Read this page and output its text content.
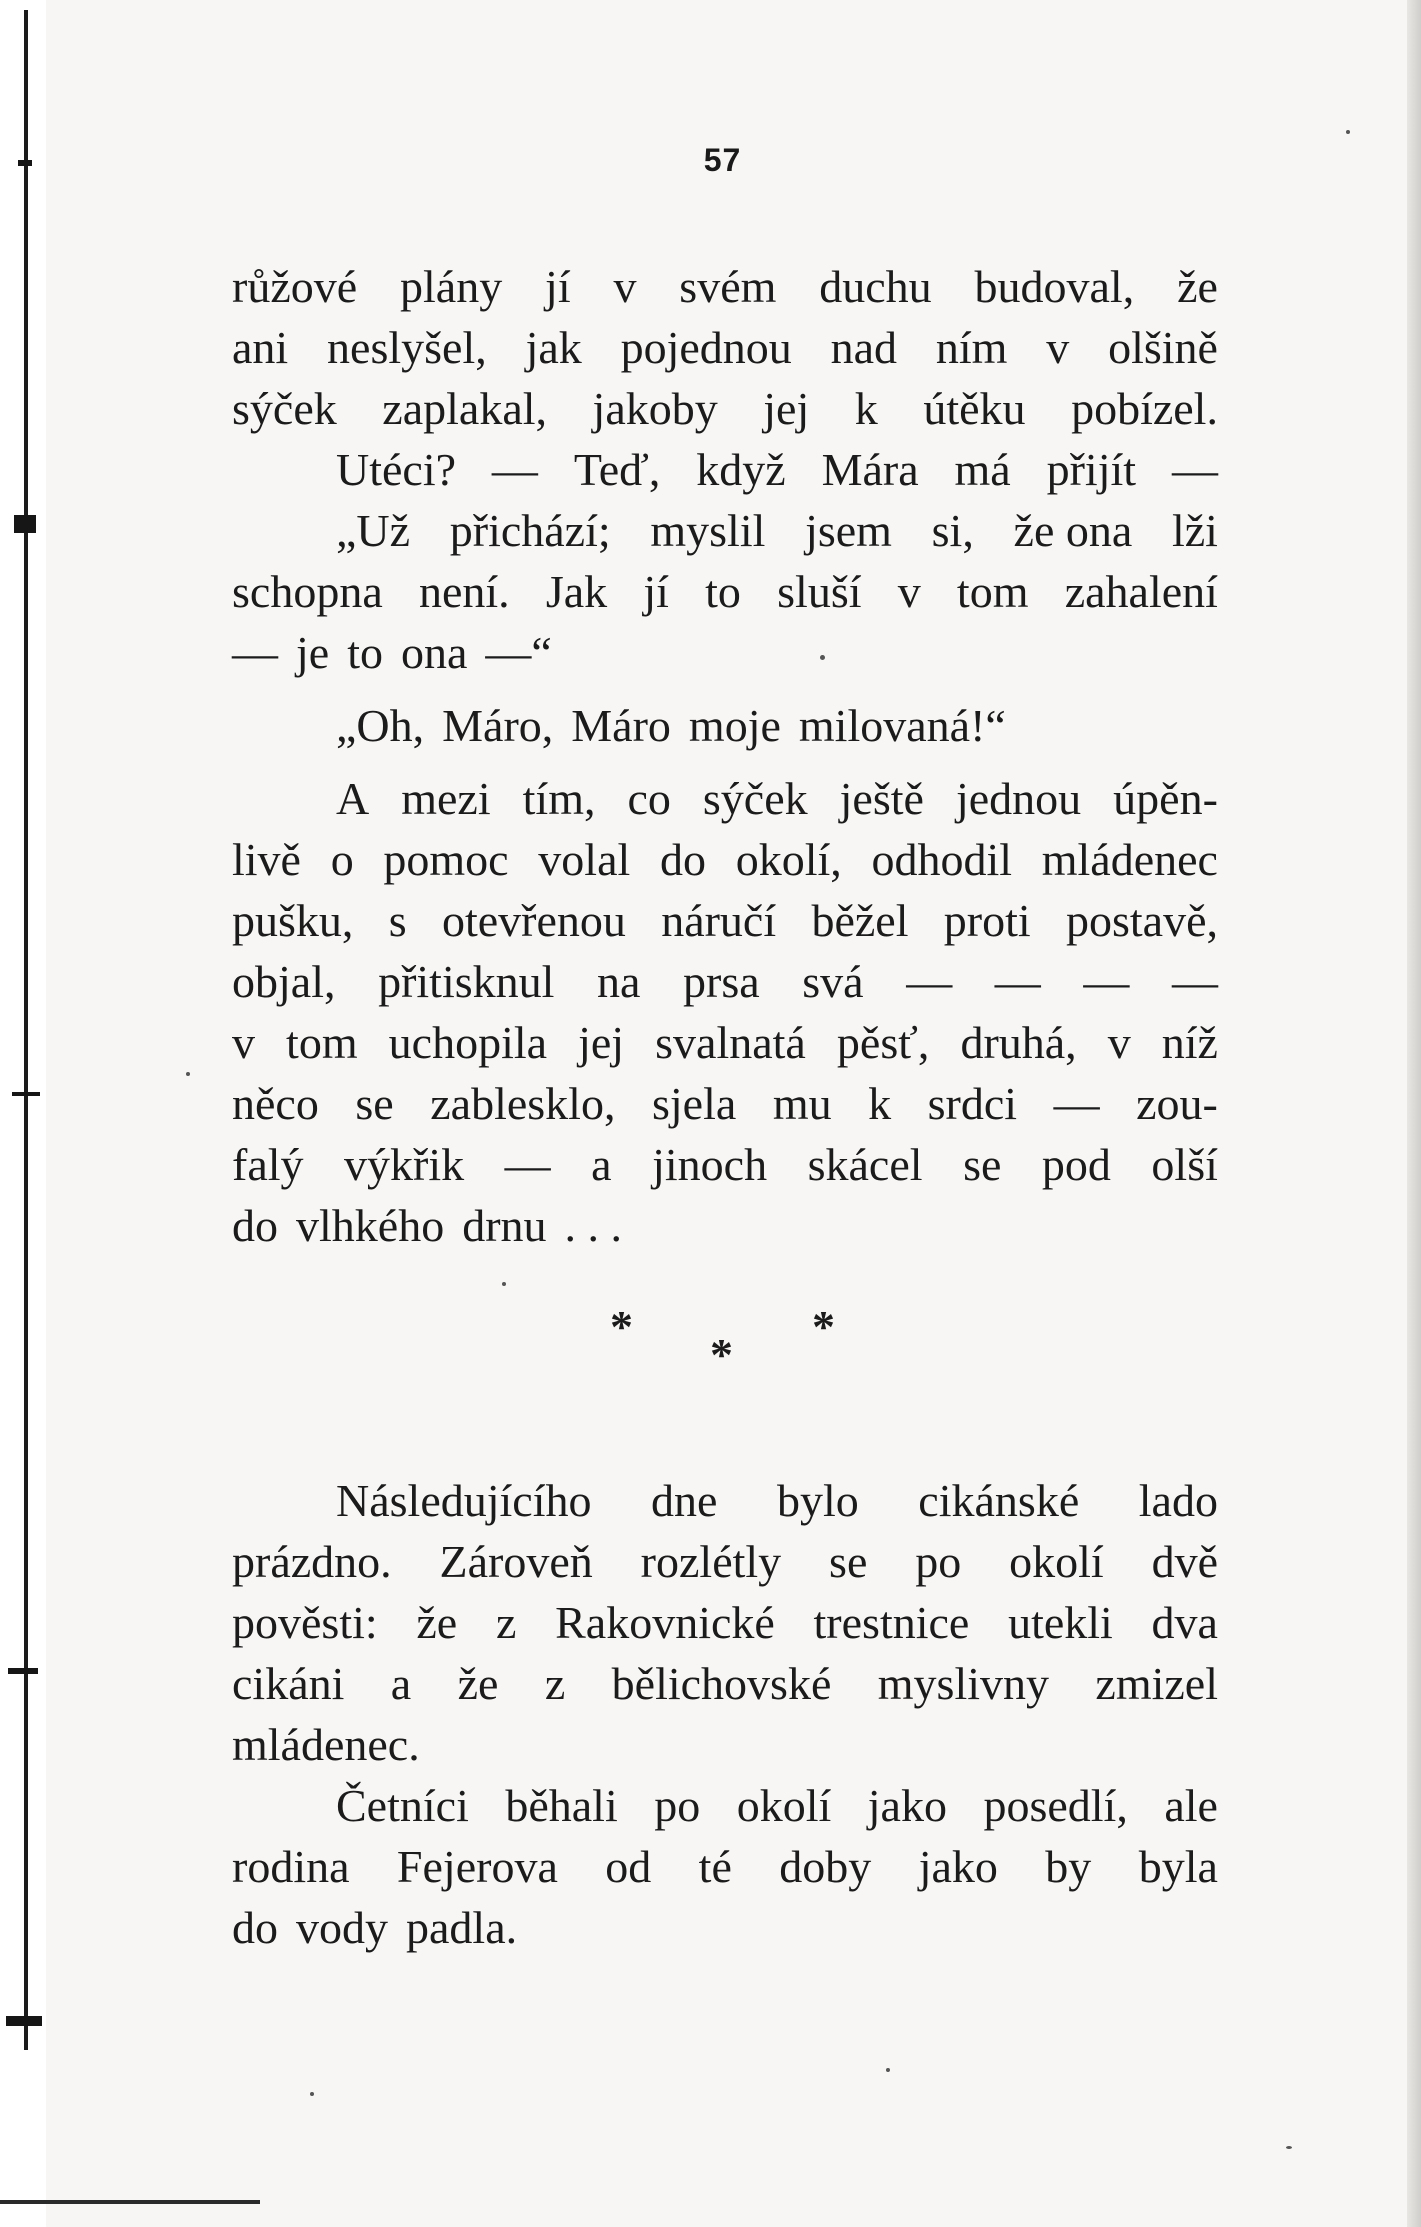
57
růžové plány jí v svém duchu budoval, že
ani neslyšel, jak pojednou nad ním v olšině
sýček zaplakal, jakoby jej k útěku pobízel.
Utéci? — Teď, když Mára má přijít —
„Už přichází; myslil jsem si, že ona lži
schopna není. Jak jí to sluší v tom zahalení
— je to ona —“
„Oh, Máro, Máro moje milovaná!“
A mezi tím, co sýček ještě jednou úpěn-
livě o pomoc volal do okolí, odhodil mládenec
pušku, s otevřenou náručí běžel proti postavě,
objal, přitisknul na prsa svá — — — —
v tom uchopila jej svalnatá pěsť, druhá, v níž
něco se zablesklo, sjela mu k srdci — zou-
falý výkřik — a jinoch skácel se pod olší
do vlhkého drnu . . .
*
*
*
Následujícího dne bylo cikánské lado
prázdno. Zároveň rozlétly se po okolí dvě
pověsti: že z Rakovnické trestnice utekli dva
cikáni a že z bělichovské myslivny zmizel
mládenec.
Četníci běhali po okolí jako posedlí, ale
rodina Fejerova od té doby jako by byla
do vody padla.
